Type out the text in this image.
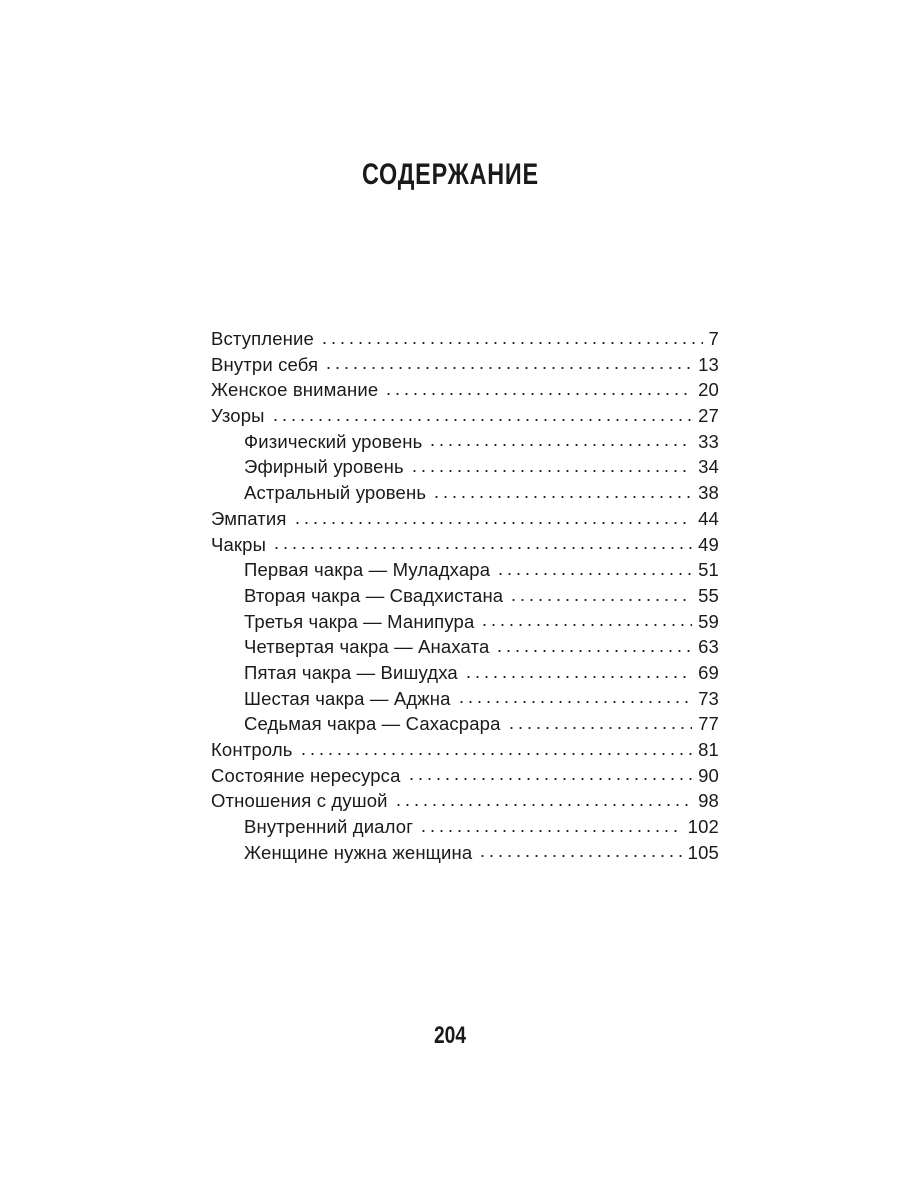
СОДЕРЖАНИЕ
Вступление	7
Внутри себя	13
Женское внимание	20
Узоры	27
Физический уровень	33
Эфирный уровень	34
Астральный уровень	38
Эмпатия	44
Чакры	49
Первая чакра — Муладхара	51
Вторая чакра — Свадхистана	55
Третья чакра — Манипура	59
Четвертая чакра — Анахата	63
Пятая чакра — Вишудха	69
Шестая чакра — Аджна	73
Седьмая чакра — Сахасрара	77
Контроль	81
Состояние нересурса	90
Отношения с душой	98
Внутренний диалог	102
Женщине нужна женщина	105
204
